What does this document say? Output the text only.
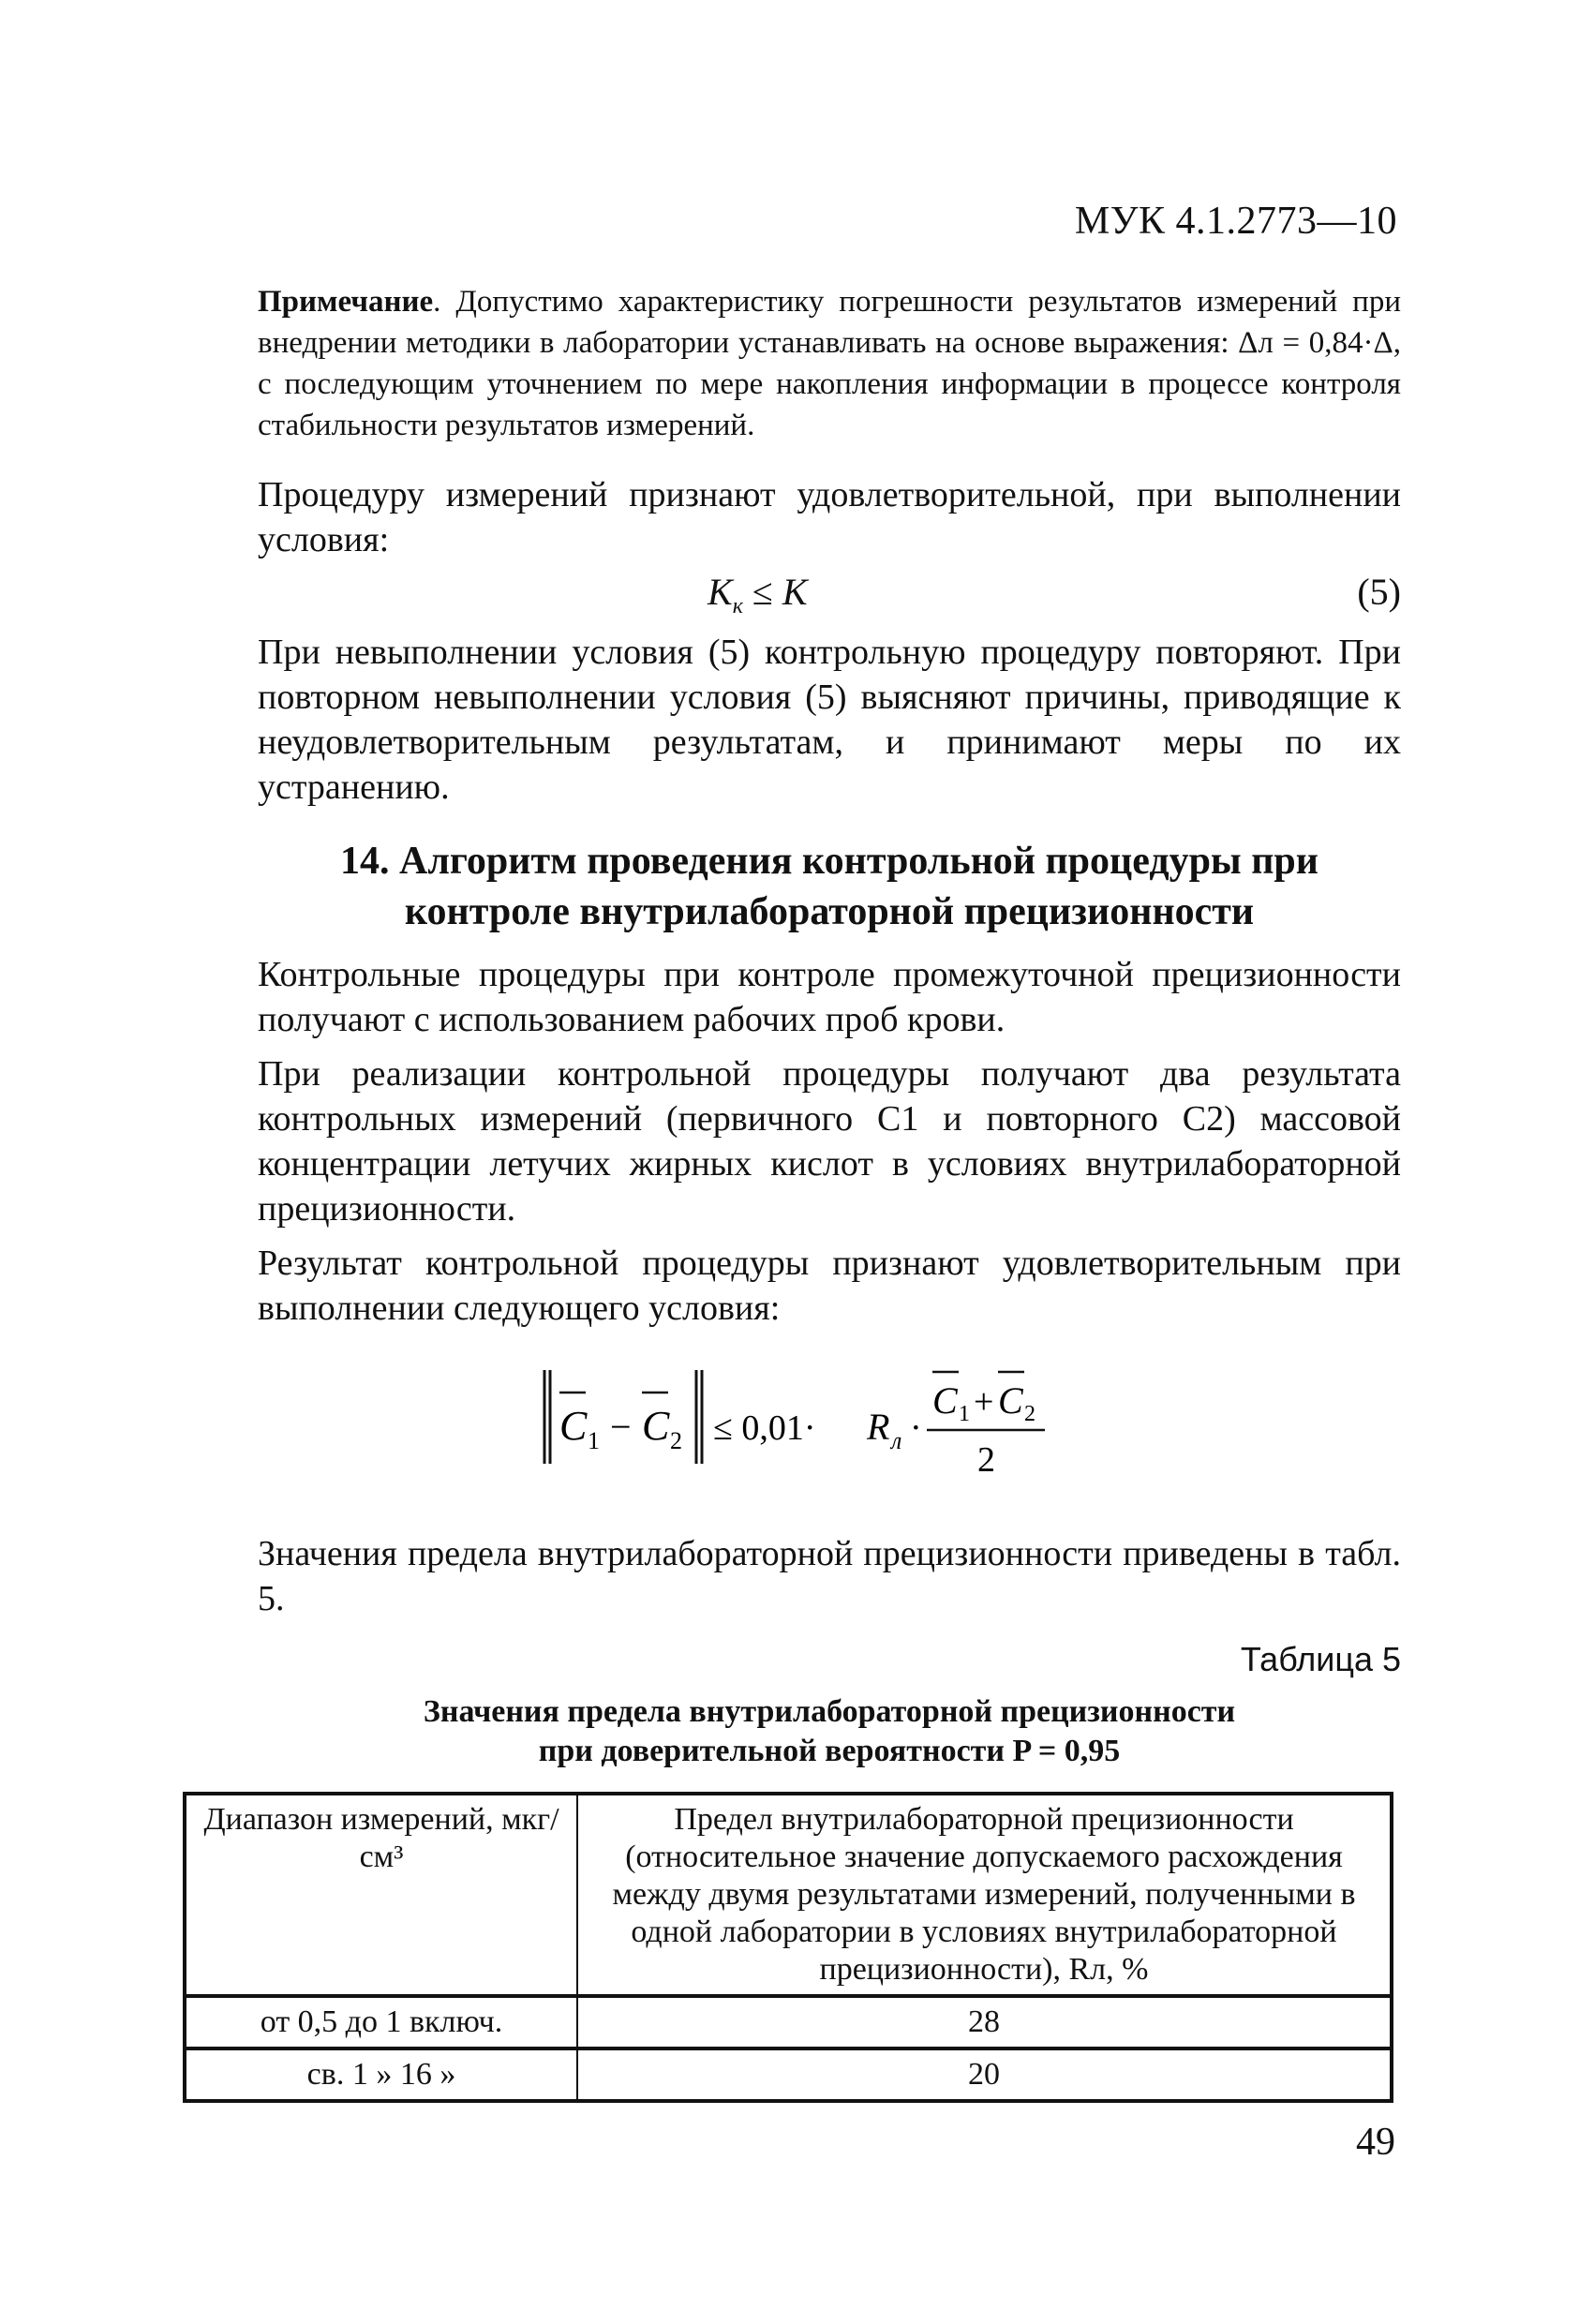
МУК 4.1.2773—10

Примечание. Допустимо характеристику погрешности результатов измерений при внедрении методики в лаборатории устанавливать на основе выражения: Δл = 0,84·Δ, с последующим уточнением по мере накопления информации в процессе контроля стабильности результатов измерений.

Процедуру измерений признают удовлетворительной, при выполнении условия:

$K_к \le K$	(5)

При невыполнении условия (5) контрольную процедуру повторяют. При повторном невыполнении условия (5) выясняют причины, приводящие к неудовлетворительным результатам, и принимают меры по их устранению.

14. Алгоритм проведения контрольной процедуры при
контроле внутрилабораторной прецизионности

Контрольные процедуры при контроле промежуточной прецизионности получают с использованием рабочих проб крови.

При реализации контрольной процедуры получают два результата контрольных измерений (первичного C1 и повторного C2) массовой концентрации летучих жирных кислот в условиях внутрилабораторной прецизионности.

Результат контрольной процедуры признают удовлетворительным при выполнении следующего условия:

C 1 − C 2 ≤ 0,01· R л ·
C 1 + C 2
2

Значения предела внутрилабораторной прецизионности приведены в табл. 5.

Таблица 5
Значения предела внутрилабораторной прецизионности
при доверительной вероятности P = 0,95
Диапазон измерений, мкг/см³	Предел внутрилабораторной прецизионности (относительное значение допускаемого расхождения между двумя результатами измерений, полученными в одной лаборатории в условиях внутрилабораторной прецизионности), Rл, %
от 0,5 до 1 включ.	28
св. 1 » 16 »	20
49
